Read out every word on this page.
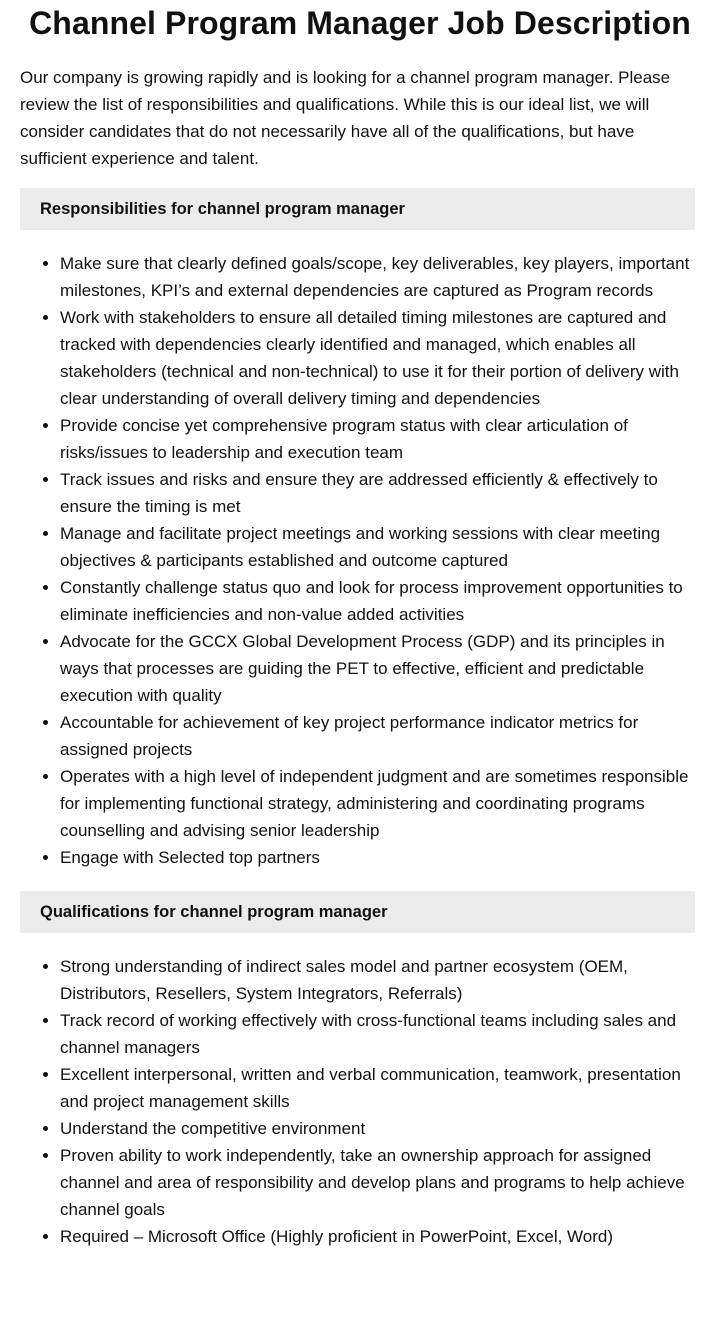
Channel Program Manager Job Description

Our company is growing rapidly and is looking for a channel program manager. Please review the list of responsibilities and qualifications. While this is our ideal list, we will consider candidates that do not necessarily have all of the qualifications, but have sufficient experience and talent.

Responsibilities for channel program manager
• Make sure that clearly defined goals/scope, key deliverables, key players, important milestones, KPI’s and external dependencies are captured as Program records
• Work with stakeholders to ensure all detailed timing milestones are captured and tracked with dependencies clearly identified and managed, which enables all stakeholders (technical and non-technical) to use it for their portion of delivery with clear understanding of overall delivery timing and dependencies
• Provide concise yet comprehensive program status with clear articulation of risks/issues to leadership and execution team
• Track issues and risks and ensure they are addressed efficiently & effectively to ensure the timing is met
• Manage and facilitate project meetings and working sessions with clear meeting objectives & participants established and outcome captured
• Constantly challenge status quo and look for process improvement opportunities to eliminate inefficiencies and non-value added activities
• Advocate for the GCCX Global Development Process (GDP) and its principles in ways that processes are guiding the PET to effective, efficient and predictable execution with quality
• Accountable for achievement of key project performance indicator metrics for assigned projects
• Operates with a high level of independent judgment and are sometimes responsible for implementing functional strategy, administering and coordinating programs counselling and advising senior leadership
• Engage with Selected top partners
Qualifications for channel program manager
• Strong understanding of indirect sales model and partner ecosystem (OEM, Distributors, Resellers, System Integrators, Referrals)
• Track record of working effectively with cross-functional teams including sales and channel managers
• Excellent interpersonal, written and verbal communication, teamwork, presentation and project management skills
• Understand the competitive environment
• Proven ability to work independently, take an ownership approach for assigned channel and area of responsibility and develop plans and programs to help achieve channel goals
• Required – Microsoft Office (Highly proficient in PowerPoint, Excel, Word)
